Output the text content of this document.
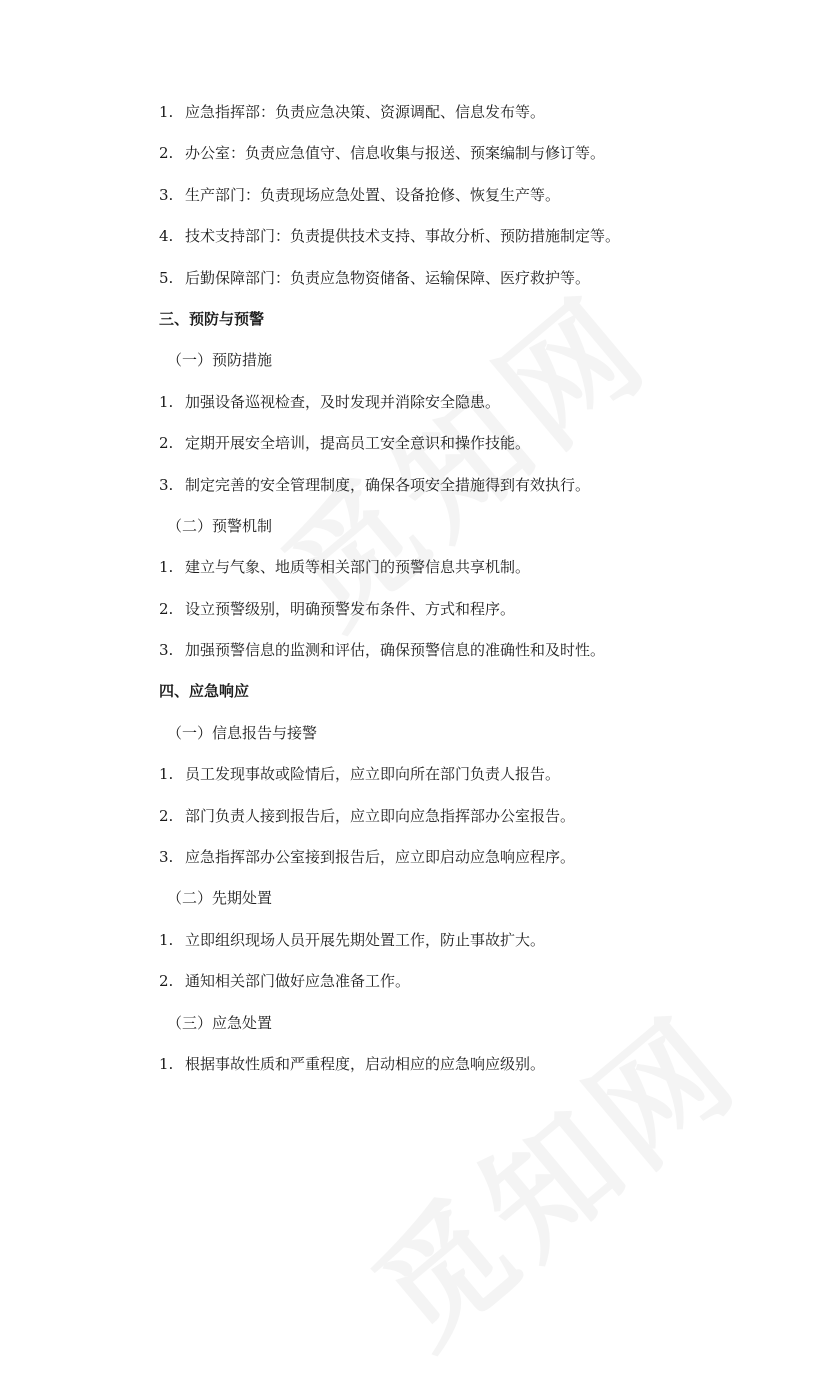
1. 应急指挥部：负责应急决策、资源调配、信息发布等。
2. 办公室：负责应急值守、信息收集与报送、预案编制与修订等。
3. 生产部门：负责现场应急处置、设备抢修、恢复生产等。
4. 技术支持部门：负责提供技术支持、事故分析、预防措施制定等。
5. 后勤保障部门：负责应急物资储备、运输保障、医疗救护等。
三、预防与预警
（一）预防措施
1. 加强设备巡视检查，及时发现并消除安全隐患。
2. 定期开展安全培训，提高员工安全意识和操作技能。
3. 制定完善的安全管理制度，确保各项安全措施得到有效执行。
（二）预警机制
1. 建立与气象、地质等相关部门的预警信息共享机制。
2. 设立预警级别，明确预警发布条件、方式和程序。
3. 加强预警信息的监测和评估，确保预警信息的准确性和及时性。
四、应急响应
（一）信息报告与接警
1. 员工发现事故或险情后，应立即向所在部门负责人报告。
2. 部门负责人接到报告后，应立即向应急指挥部办公室报告。
3. 应急指挥部办公室接到报告后，应立即启动应急响应程序。
（二）先期处置
1. 立即组织现场人员开展先期处置工作，防止事故扩大。
2. 通知相关部门做好应急准备工作。
（三）应急处置
1. 根据事故性质和严重程度，启动相应的应急响应级别。
